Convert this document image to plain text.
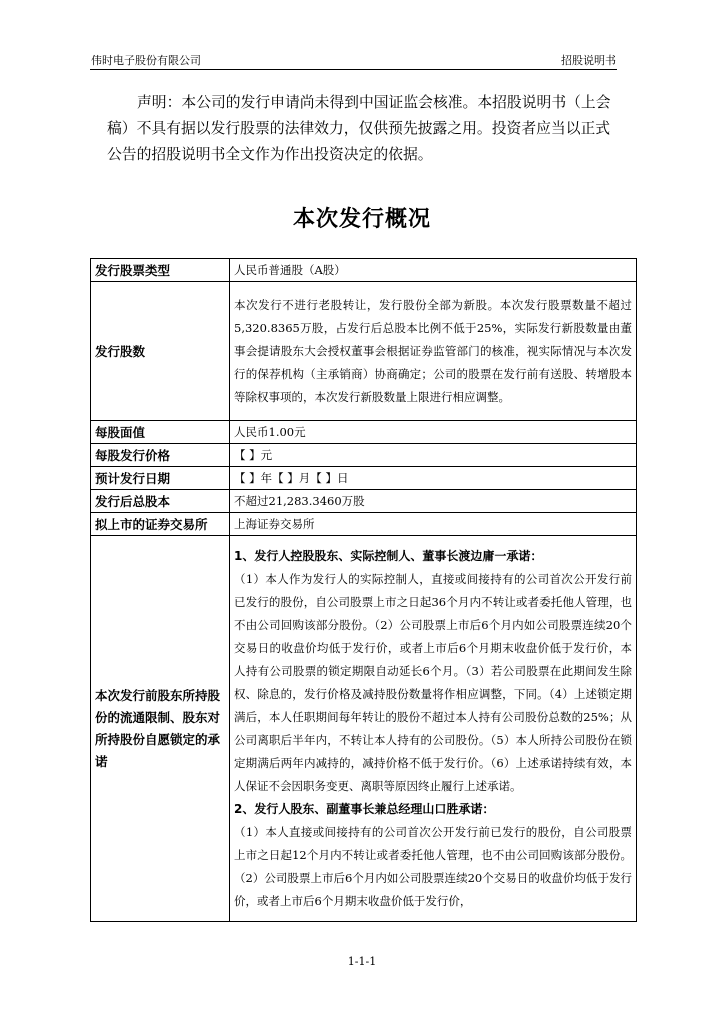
伟时电子股份有限公司	招股说明书
声明：本公司的发行申请尚未得到中国证监会核准。本招股说明书（上会稿）不具有据以发行股票的法律效力，仅供预先披露之用。投资者应当以正式公告的招股说明书全文作为作出投资决定的依据。
本次发行概况
发行股票类型	人民币普通股（A股）
发行股数	本次发行不进行老股转让，发行股份全部为新股。本次发行股票数量不超过5,320.8365万股，占发行后总股本比例不低于25%，实际发行新股数量由董事会提请股东大会授权董事会根据证券监管部门的核准，视实际情况与本次发行的保荐机构（主承销商）协商确定；公司的股票在发行前有送股、转增股本等除权事项的，本次发行新股数量上限进行相应调整。
每股面值	人民币1.00元
每股发行价格	【 】元
预计发行日期	【 】年【 】月【 】日
发行后总股本	不超过21,283.3460万股
拟上市的证券交易所	上海证券交易所
本次发行前股东所持股份的流通限制、股东对所持股份自愿锁定的承诺	1、发行人控股股东、实际控制人、董事长渡边庸一承诺：
（1）本人作为发行人的实际控制人，直接或间接持有的公司首次公开发行前已发行的股份，自公司股票上市之日起36个月内不转让或者委托他人管理，也不由公司回购该部分股份。（2）公司股票上市后6个月内如公司股票连续20个交易日的收盘价均低于发行价，或者上市后6个月期末收盘价低于发行价，本人持有公司股票的锁定期限自动延长6个月。（3）若公司股票在此期间发生除权、除息的，发行价格及减持股份数量将作相应调整，下同。（4）上述锁定期满后，本人任职期间每年转让的股份不超过本人持有公司股份总数的25%；从公司离职后半年内，不转让本人持有的公司股份。（5）本人所持公司股份在锁定期满后两年内减持的，减持价格不低于发行价。（6）上述承诺持续有效，本人保证不会因职务变更、离职等原因终止履行上述承诺。
2、发行人股东、副董事长兼总经理山口胜承诺：
（1）本人直接或间接持有的公司首次公开发行前已发行的股份，自公司股票上市之日起12个月内不转让或者委托他人管理，也不由公司回购该部分股份。（2）公司股票上市后6个月内如公司股票连续20个交易日的收盘价均低于发行价，或者上市后6个月期末收盘价低于发行价，
1-1-1
